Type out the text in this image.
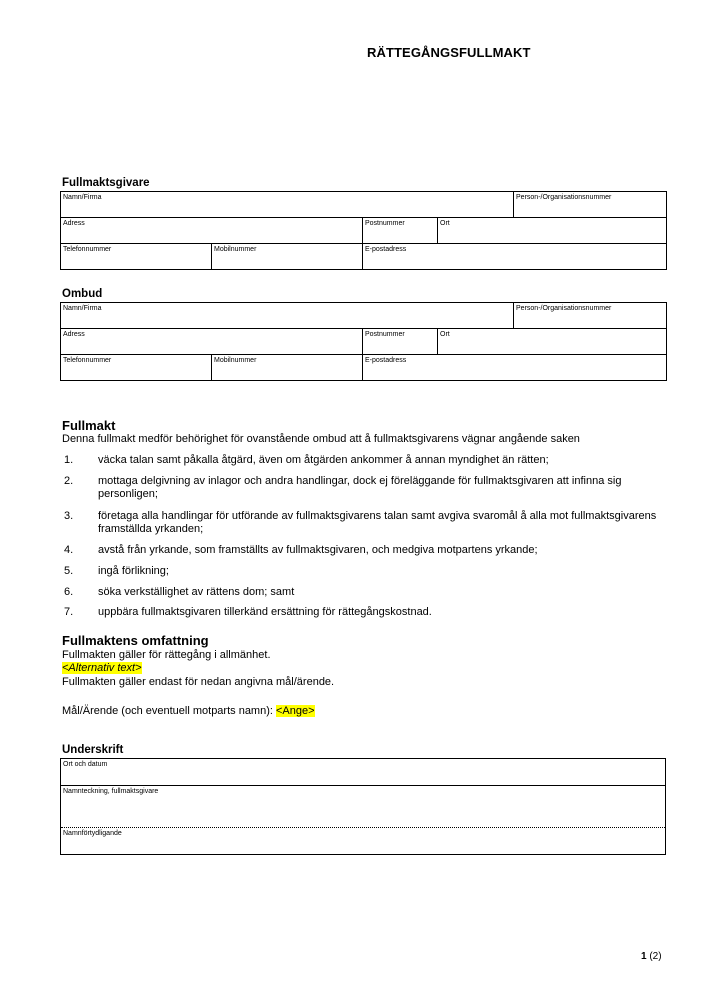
RÄTTEGÅNGSFULLMAKT
Fullmaktsgivare
Namn/Firma				Person-/Organisationsnummer
Adress		Postnummer	Ort	
Telefonnummer	Mobilnummer	E-postadress		
Ombud
Namn/Firma				Person-/Organisationsnummer
Adress		Postnummer	Ort	
Telefonnummer	Mobilnummer	E-postadress		
Fullmakt
Denna fullmakt medför behörighet för ovanstående ombud att å fullmaktsgivarens vägnar angående saken
1. väcka talan samt påkalla åtgärd, även om åtgärden ankommer å annan myndighet än rätten;
2. mottaga delgivning av inlagor och andra handlingar, dock ej föreläggande för fullmaktsgivaren att infinna sig personligen;
3. företaga alla handlingar för utförande av fullmaktsgivarens talan samt avgiva svaromål å alla mot fullmaktsgivarens framställda yrkanden;
4. avstå från yrkande, som framställts av fullmaktsgivaren, och medgiva motpartens yrkande;
5. ingå förlikning;
6. söka verkställighet av rättens dom; samt
7. uppbära fullmaktsgivaren tillerkänd ersättning för rättegångskostnad.
Fullmaktens omfattning
Fullmakten gäller för rättegång i allmänhet.
<Alternativ text>
Fullmakten gäller endast för nedan angivna mål/ärende.
Mål/Ärende (och eventuell motparts namn): <Ange>
Underskrift
Ort och datum
Namnteckning, fullmaktsgivare
Namnförtydligande
1 (2)
